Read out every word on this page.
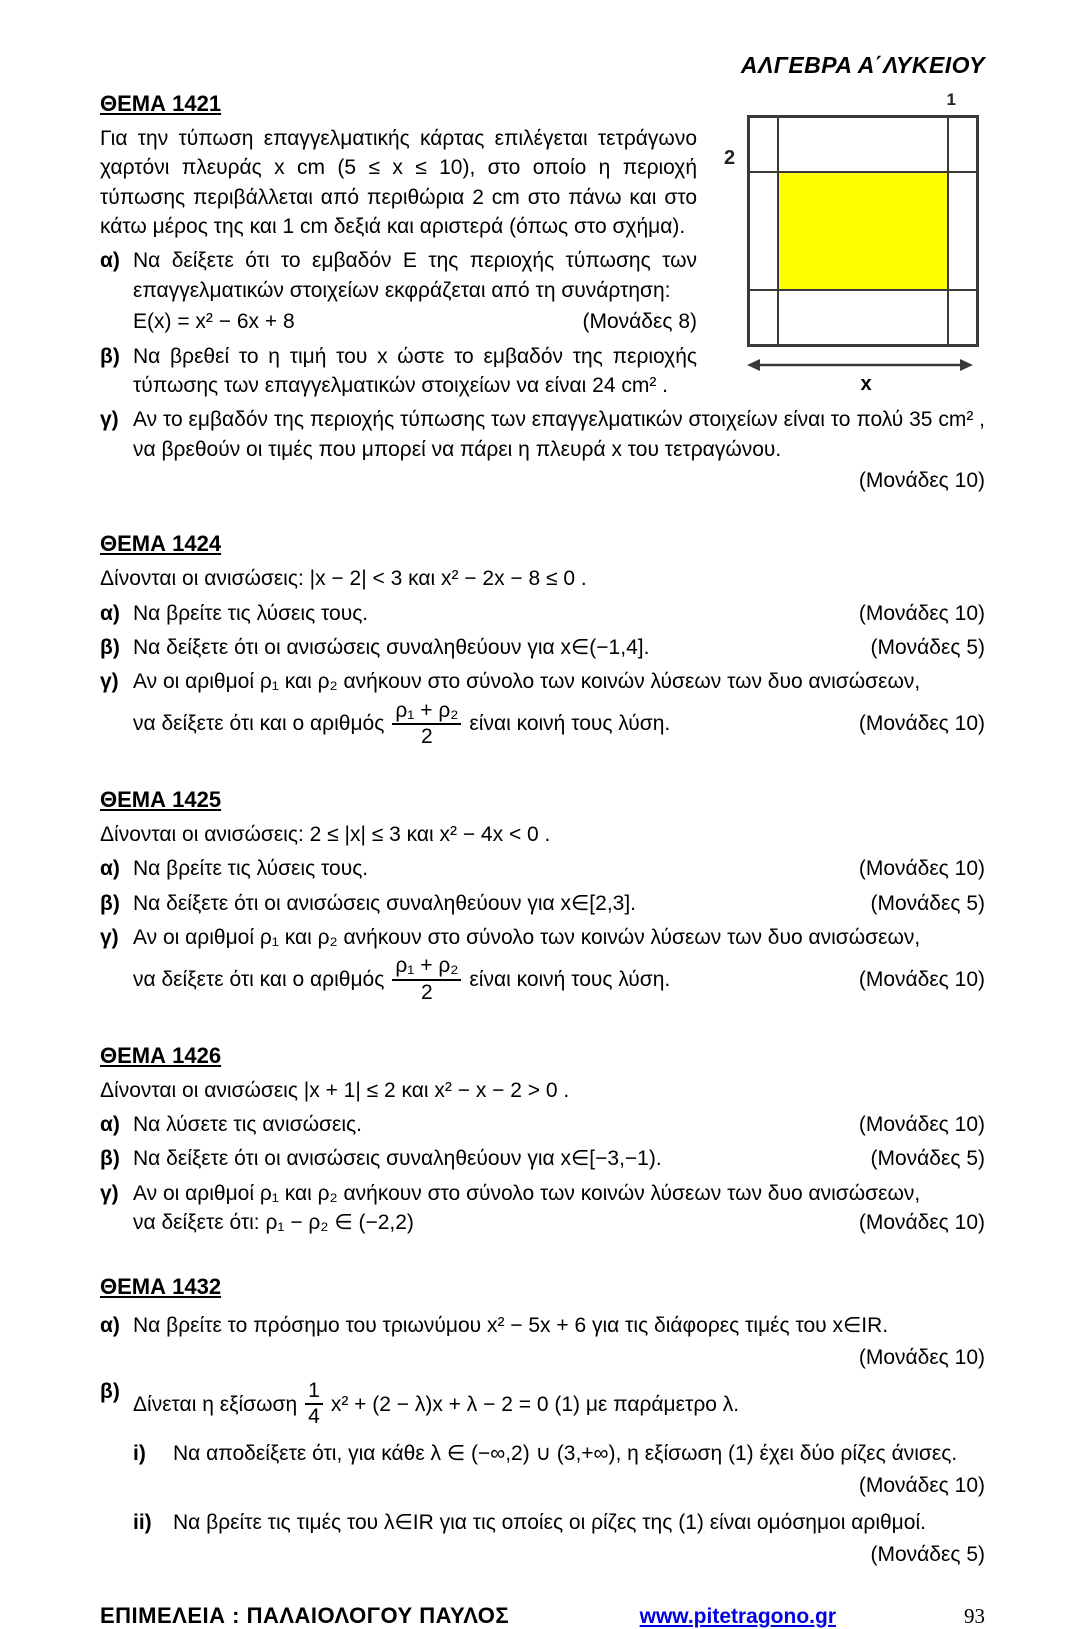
ΑΛΓΕΒΡΑ Α΄ΛΥΚΕΙΟΥ
2
1
x
ΘΕΜΑ 1421

Για την τύπωση επαγγελματικής κάρτας επιλέγεται τετράγωνο χαρτόνι πλευράς x cm (5 ≤ x ≤ 10), στο οποίο η περιοχή τύπωσης περιβάλλεται από περιθώρια 2 cm στο πάνω και στο κάτω μέρος της και 1 cm δεξιά και αριστερά (όπως στο σχήμα).

α) Να δείξετε ότι το εμβαδόν Ε της περιοχής τύπωσης των επαγγελματικών στοιχείων εκφράζεται από τη συνάρτηση:
E(x) = x² − 6x + 8	(Μονάδες 8)
β) Να βρεθεί το η τιμή του x ώστε το εμβαδόν της περιοχής τύπωσης των επαγγελματικών στοιχείων να είναι 24 cm² .
γ) Αν το εμβαδόν της περιοχής τύπωσης των επαγγελματικών στοιχείων είναι το πολύ 35 cm² , να βρεθούν οι τιμές που μπορεί να πάρει η πλευρά x του τετραγώνου.
(Μονάδες 10)
ΘΕΜΑ 1424

Δίνονται οι ανισώσεις: |x − 2| < 3 και x² − 2x − 8 ≤ 0 .

α) Να βρείτε τις λύσεις τους.	(Μονάδες 10)
β) Να δείξετε ότι οι ανισώσεις συναληθεύουν για x∈(−1,4].	(Μονάδες 5)
γ) Αν οι αριθμοί ρ₁ και ρ₂ ανήκουν στο σύνολο των κοινών λύσεων των δυο ανισώσεων,
να δείξετε ότι και ο αριθμός $\frac{\text{ρ₁ + ρ₂}}{2}$ είναι κοινή τους λύση.	(Μονάδες 10)
ΘΕΜΑ 1425

Δίνονται οι ανισώσεις: 2 ≤ |x| ≤ 3 και x² − 4x < 0 .

α) Να βρείτε τις λύσεις τους.	(Μονάδες 10)
β) Να δείξετε ότι οι ανισώσεις συναληθεύουν για x∈[2,3].	(Μονάδες 5)
γ) Αν οι αριθμοί ρ₁ και ρ₂ ανήκουν στο σύνολο των κοινών λύσεων των δυο ανισώσεων,
να δείξετε ότι και ο αριθμός $\frac{\text{ρ₁ + ρ₂}}{2}$ είναι κοινή τους λύση.	(Μονάδες 10)
ΘΕΜΑ 1426

Δίνονται οι ανισώσεις |x + 1| ≤ 2 και x² − x − 2 > 0 .

α) Να λύσετε τις ανισώσεις.	(Μονάδες 10)
β) Να δείξετε ότι οι ανισώσεις συναληθεύουν για x∈[−3,−1).	(Μονάδες 5)
γ) Αν οι αριθμοί ρ₁ και ρ₂ ανήκουν στο σύνολο των κοινών λύσεων των δυο ανισώσεων,
να δείξετε ότι: ρ₁ − ρ₂ ∈ (−2,2)	(Μονάδες 10)
ΘΕΜΑ 1432
α) Να βρείτε το πρόσημο του τριωνύμου x² − 5x + 6 για τις διάφορες τιμές του x∈IR.
(Μονάδες 10)
β)
Δίνεται η εξίσωση $\frac{1}{4} x^2 + (2 - \lambda)x + \lambda - 2 = 0$ (1) με παράμετρο λ.
i) Να αποδείξετε ότι, για κάθε λ ∈ (−∞,2) ∪ (3,+∞), η εξίσωση (1) έχει δύο ρίζες άνισες.
(Μονάδες 10)
ii) Να βρείτε τις τιμές του λ∈IR για τις οποίες οι ρίζες της (1) είναι ομόσημοι αριθμοί.
(Μονάδες 5)
ΕΠΙΜΕΛΕΙΑ : ΠΑΛΑΙΟΛΟΓΟΥ ΠΑΥΛΟΣ	www.pitetragono.gr	93
